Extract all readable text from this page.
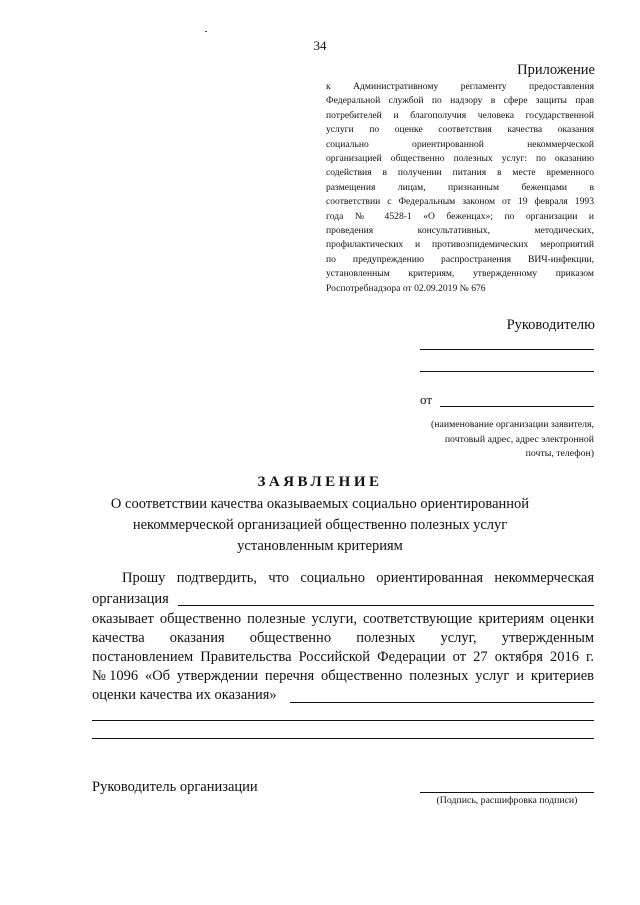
34
Приложение
к Административному регламенту предоставления
Федеральной службой по надзору в сфере защиты прав
потребителей и благополучия человека государственной
услуги по оценке соответствия качества оказания
социально ориентированной некоммерческой
организацией общественно полезных услуг: по оказанию
содействия в получении питания в месте временного
размещения лицам, признанным беженцами в
соответствии с Федеральным законом от 19 февраля 1993
года № 4528-1 «О беженцах»; по организации и
проведения консультативных, методических,
профилактических и противоэпидемических мероприятий
по предупреждению распространения ВИЧ-инфекции,
установленным критериям, утвержденному приказом
Роспотребнадзора от 02.09.2019 № 676
Руководителю
от
(наименование организации заявителя,
почтовый адрес, адрес электронной
почты, телефон)
ЗАЯВЛЕНИЕ
О соответствии качества оказываемых социально ориентированной
некоммерческой организацией общественно полезных услуг
установленным критериям
Прошу подтвердить, что социально ориентированная некоммерческая
организация
оказывает общественно полезные услуги, соответствующие критериям оценки
качества оказания общественно полезных услуг, утвержденным
постановлением Правительства Российской Федерации от 27 октября 2016 г.
№1096 «Об утверждении перечня общественно полезных услуг и критериев
оценки качества их оказания»
Руководитель организации
(Подпись, расшифровка подписи)
